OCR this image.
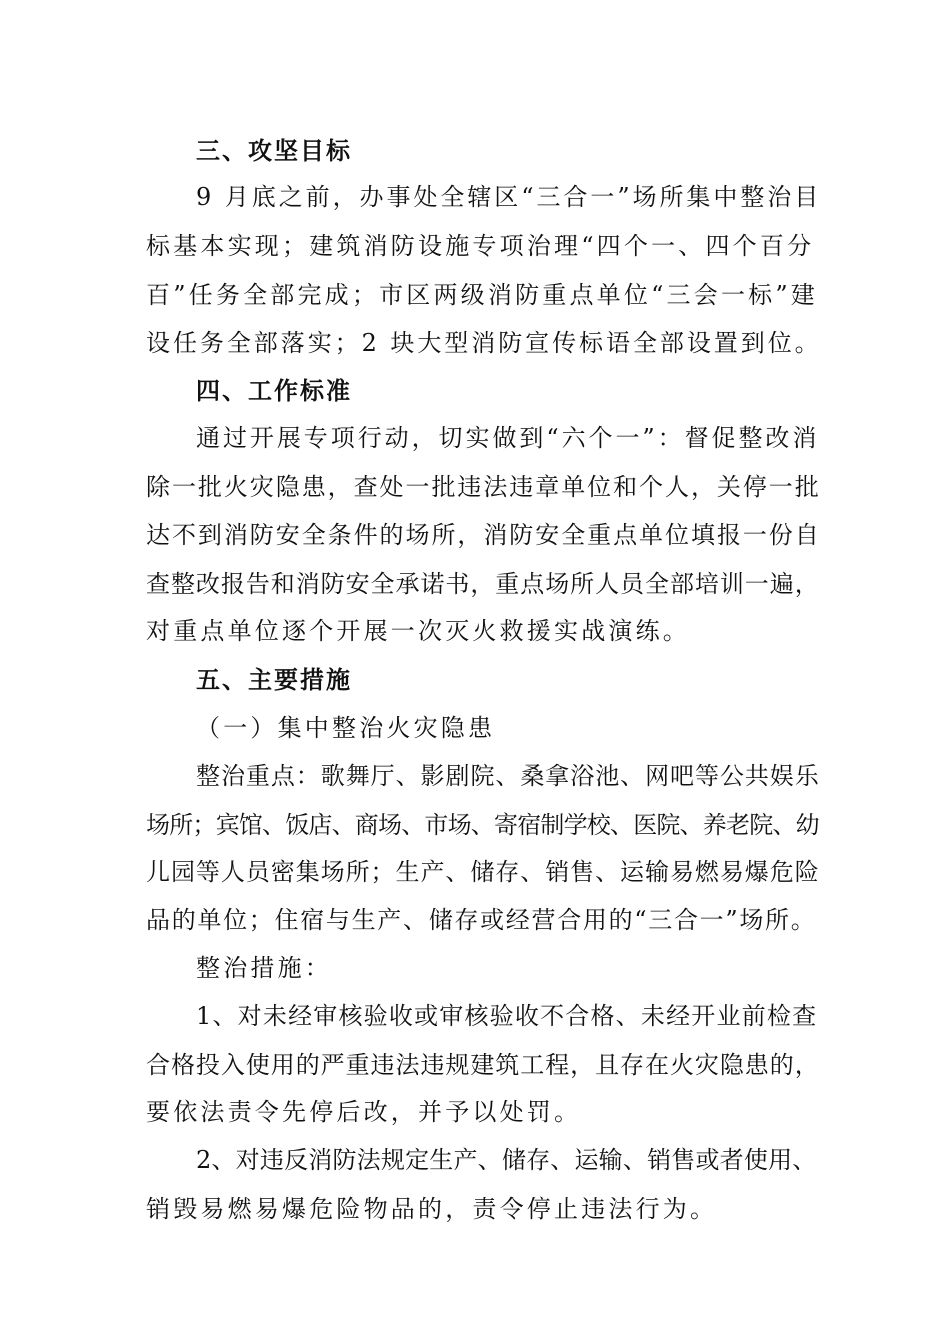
三、攻坚目标
9 月底之前，办事处全辖区“三合一”场所集中整治目
标基本实现；建筑消防设施专项治理“四个一、四个百分
百”任务全部完成；市区两级消防重点单位“三会一标”建
设任务全部落实；2 块大型消防宣传标语全部设置到位。
四、工作标准
通过开展专项行动，切实做到“六个一”：督促整改消
除一批火灾隐患，查处一批违法违章单位和个人，关停一批
达不到消防安全条件的场所，消防安全重点单位填报一份自
查整改报告和消防安全承诺书，重点场所人员全部培训一遍，
对重点单位逐个开展一次灭火救援实战演练。
五、主要措施
（一）集中整治火灾隐患
整治重点：歌舞厅、影剧院、桑拿浴池、网吧等公共娱乐
场所；宾馆、饭店、商场、市场、寄宿制学校、医院、养老院、幼
儿园等人员密集场所；生产、储存、销售、运输易燃易爆危险
品的单位；住宿与生产、储存或经营合用的“三合一”场所。
整治措施：
1、对未经审核验收或审核验收不合格、未经开业前检查
合格投入使用的严重违法违规建筑工程，且存在火灾隐患的，
要依法责令先停后改，并予以处罚。
2、对违反消防法规定生产、储存、运输、销售或者使用、
销毁易燃易爆危险物品的，责令停止违法行为。
